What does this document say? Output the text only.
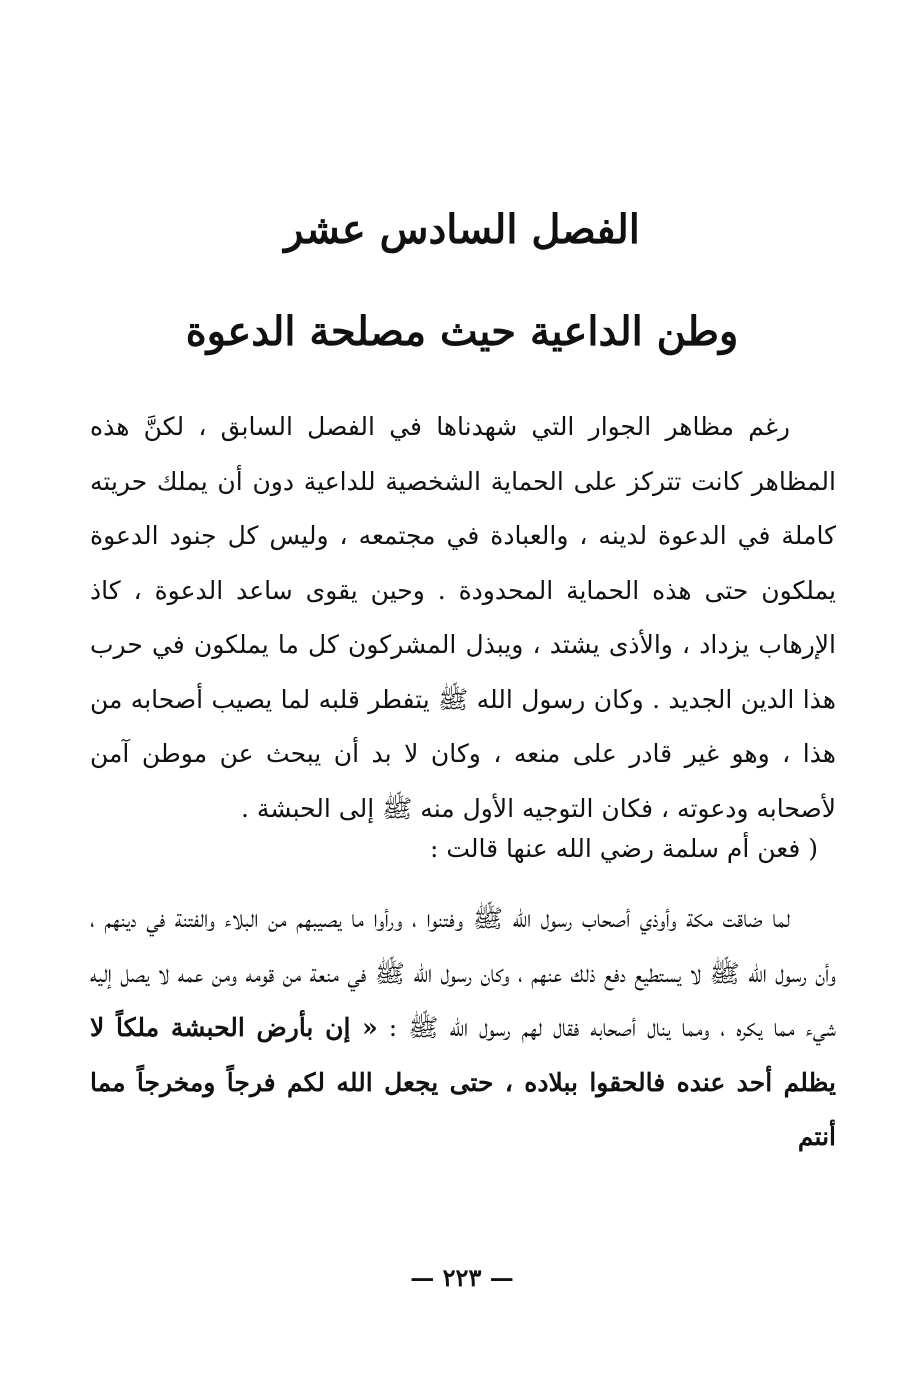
الفصل السادس عشر
وطن الداعية حيث مصلحة الدعوة

رغم مظاهر الجوار التي شهدناها في الفصل السابق ، لكنَّ هذه المظاهر كانت تتركز على الحماية الشخصية للداعية دون أن يملك حريته كاملة في الدعوة لدينه ، والعبادة في مجتمعه ، وليس كل جنود الدعوة يملكون حتى هذه الحماية المحدودة . وحين يقوى ساعد الدعوة ، كاذ الإرهاب يزداد ، والأذى يشتد ، ويبذل المشركون كل ما يملكون في حرب هذا الدين الجديد . وكان رسول الله ﷺ يتفطر قلبه لما يصيب أصحابه من هذا ، وهو غير قادر على منعه ، وكان لا بد أن يبحث عن موطن آمن لأصحابه ودعوته ، فكان التوجيه الأول منه ﷺ إلى الحبشة .

( فعن أم سلمة رضي الله عنها قالت :

لما ضاقت مكة وأوذي أصحاب رسول الله ﷺ وفتنوا ، ورأوا ما يصيبهم من البلاء والفتنة في دينهم ، وأن رسول الله ﷺ لا يستطيع دفع ذلك عنهم ، وكان رسول الله ﷺ في منعة من قومه ومن عمه لا يصل إليه شيء مما يكره ، ومما ينال أصحابه فقال لهم رسول الله ﷺ : « إن بأرض الحبشة ملكاً لا يظلم أحد عنده فالحقوا ببلاده ، حتى يجعل الله لكم فرجاً ومخرجاً مما أنتم

— ٢٢٣ —
